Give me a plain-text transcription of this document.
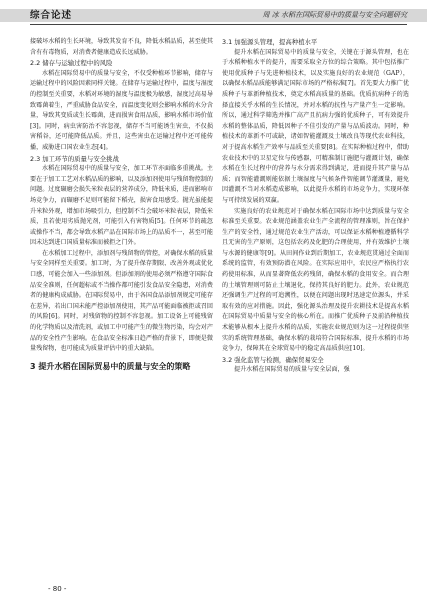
综合论述	周 冰 水稻在国际贸易中的质量与安全问题研究

接破坏水稻的生长环境，导致其发育不良，降低水稻品质，甚至使其含有有毒物质，对消费者健康造成长远威胁。

2.2 储存与运输过程中的风险

水稻在国际贸易中的质量与安全，不仅受种植环节影响，储存与运输过程中的风险因素同样关键。在储存与运输过程中，温度与湿度的控制至关重要，水稻对环境的湿度与温度极为敏感，湿度过高易导致霉菌着生，严重威胁食品安全，而温度变化则会影响水稻的水分含量，导致其变质或生长霉菌，进而损害食用品质，影响水稻市场价值[3]。同时，病虫害防治不容忽视，储存不当可能诱生害虫，不仅损害稻谷，还可能降低品质。并且，这些害虫在运输过程中还可能传播，威胁进口国农业生态[4]。

2.3 加工环节的质量与安全挑战

水稻在国际贸易中的质量与安全，加工环节亦面临多重挑战。主要在于加工工艺对水稻品质的影响，以及添加剂使用与残留物控制的问题。过度碾磨会损失米粒表层的营养成分，降低米质，进而影响市场竞争力，而碾磨不足则可能留下稻壳，损害食用感受。抛光虽能提升米粒外观，增加市场吸引力，但控制不当会破坏米粒表层，降低米质，且若使用劣质抛光剂，可能引入有害物质[5]。任何环节的疏忽或操作不当，都会导致水稻产品在国际市场上的品质不一，甚至可能因未达到进口国质量标准而被拒之门外。

在水稻加工过程中，添加剂与残留物的管控，对确保水稻的质量与安全同样至关重要。加工时，为了提升保存期限、改善外观或优化口感，可能会加入一些添加剂。但添加剂的使用必须严格遵守国际食品安全准则，任何超标或不当操作都可能引发食品安全隐患，对消费者的健康构成威胁。在国际贸易中，由于各国食品添加剂规定可能存在差异，若出口国未能严控添加剂使用，其产品可能面临被拒或召回的风险[6]。同时，对残留物的控制不容忽视。加工设备上可能残留的化学物质以及清洗剂，或加工中可能产生的微生物污染，均会对产品的安全性产生影响。在食品安全标准日趋严格的背景下，即便是微量残留物，也可能成为质量评估中的重大缺陷。

3 提升水稻在国际贸易中的质量与安全的策略
3.1 加强源头管理，提高种植水平

提升水稻在国际贸易中的质量与安全，关键在于源头管理，也在于水稻种植水平的提升，需要采取全方位的综合策略。其中包括推广使用优质种子与先进种植技术，以及实施良好的农业规范（GAP），以确保水稻品质能够满足国际市场的严格标准[7]。首先要大力推广优质种子与革新种植技术，奠定水稻高质量的基础。优质抗病种子的选择直接关乎水稻的生长情况，并对水稻的抗性与产量产生一定影响。所以，通过科学筛选并推广高产且抗病力强的优质种子，可有效提升水稻的整体品质，降低因种子不佳引发的产量与品质波动。同时，种植技术的革新不可或缺，诸如智能灌溉及土壤改良等现代农业科技，对于提高水稻生产效率与品质至关重要[8]。在实际种植过程中，借助农业技术中的卫星定位与传感器，可精准制订施肥与灌溉计划，确保水稻在生长过程中的营养与水分需求得到满足，进而提升其产量与品质；而智能灌溉则能依据土壤湿度与气候条件智能调节灌溉量，避免因灌溉不当对水稻造成影响，以此提升水稻的市场竞争力，实现环保与可持续发展的双赢。

实施良好的农业规范对于确保水稻在国际市场中达到质量与安全标准至关重要。农业规范涵盖农业生产全流程的管理准则，旨在保护生产的安全性，通过规范农业生产活动，可以保证水稻种植遵循科学且无害的生产原则，这包括农药及化肥的合理使用，并有效维护土壤与水源的健康等[9]。从田间作业到后期加工，农业规范贯通过全面而系统的监管，有效预防潜在风险。在实际应用中，农民应严格执行农药使用标准，从而显著降低农药残留，确保水稻的食用安全。而合理的土壤管理则可防止土壤退化，保持其良好的肥力。此外，农业规范还强调生产过程的可追溯性，以便在问题出现时迅速定位源头，并采取有效的应对措施。因此，强化源头治理及提升农耕技术是提高水稻在国际贸易中质量与安全的核心所在。而推广优质种子及前沿种植技术能够从根本上提升水稻的品质，实施农业规范则为这一过程提供坚实的系统管理基础，确保水稻的栽培符合国际标准，提升水稻的市场竞争力，保障其在全球贸易中的稳定高品质供应[10]。

3.2 强化监管与检测，确保贸易安全

提升水稻在国际贸易的质量与安全层面，强

- 80 -
